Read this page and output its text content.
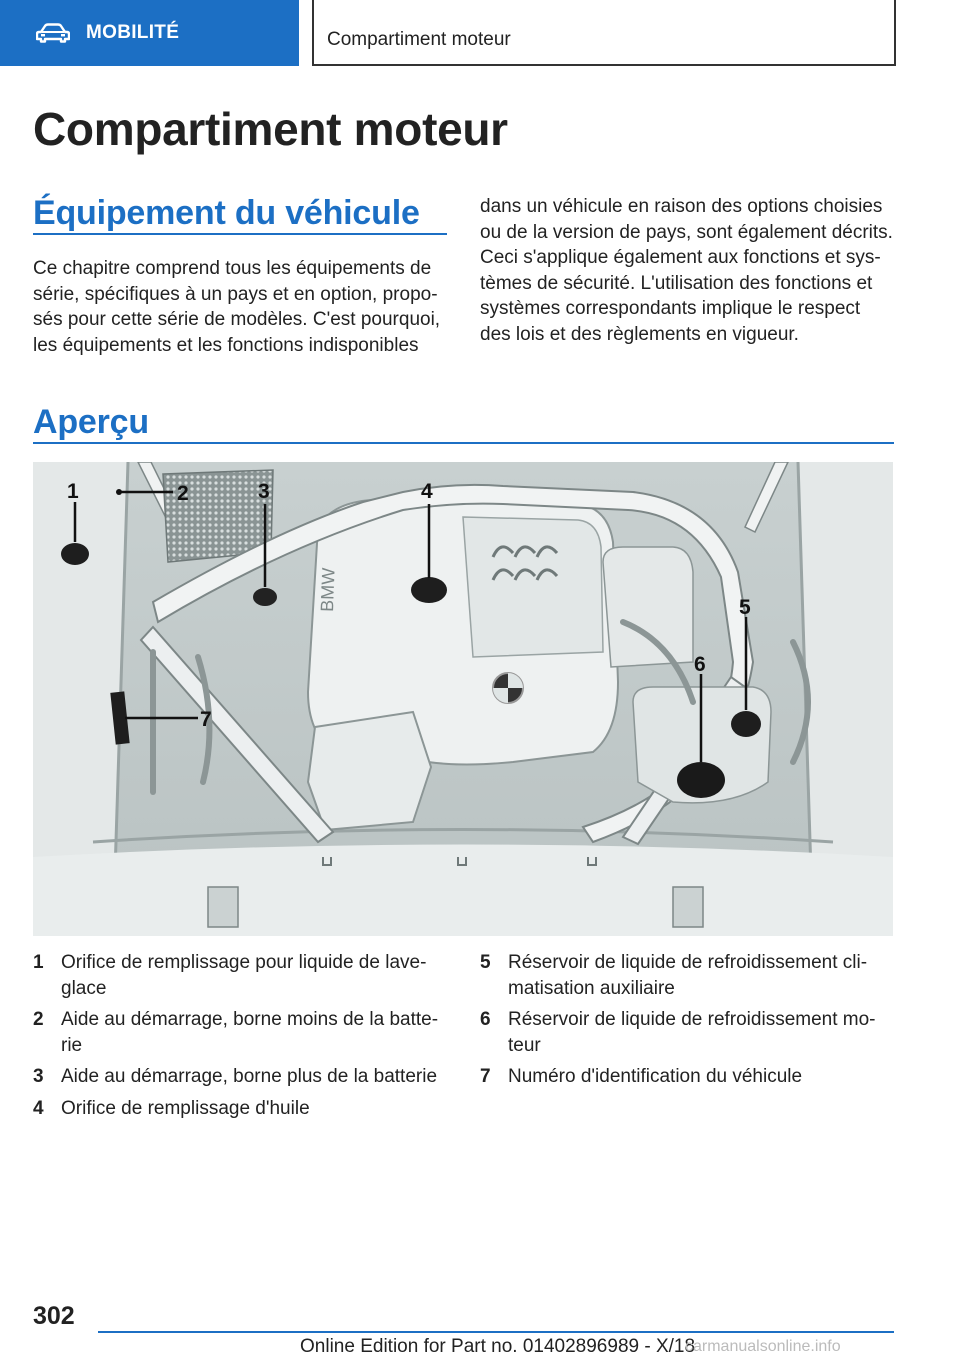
MOBILITÉ	Compartiment moteur
Compartiment moteur
Équipement du véhicule
Ce chapitre comprend tous les équipements de
série, spécifiques à un pays et en option, propo-
sés pour cette série de modèles. C'est pourquoi,
les équipements et les fonctions indisponibles
dans un véhicule en raison des options choisies
ou de la version de pays, sont également décrits.
Ceci s'applique également aux fonctions et sys-
tèmes de sécurité. L'utilisation des fonctions et
systèmes correspondants implique le respect
des lois et des règlements en vigueur.
Aperçu
BMW
1	2	3	4
5
6
7
1 Orifice de remplissage pour liquide de lave-
glace
2 Aide au démarrage, borne moins de la batte-
rie
3 Aide au démarrage, borne plus de la batterie
4 Orifice de remplissage d'huile
5 Réservoir de liquide de refroidissement cli-
matisation auxiliaire
6 Réservoir de liquide de refroidissement mo-
teur
7 Numéro d'identification du véhicule
302
Online Edition for Part no. 01402896989 - X/18
carmanualsonline.info
